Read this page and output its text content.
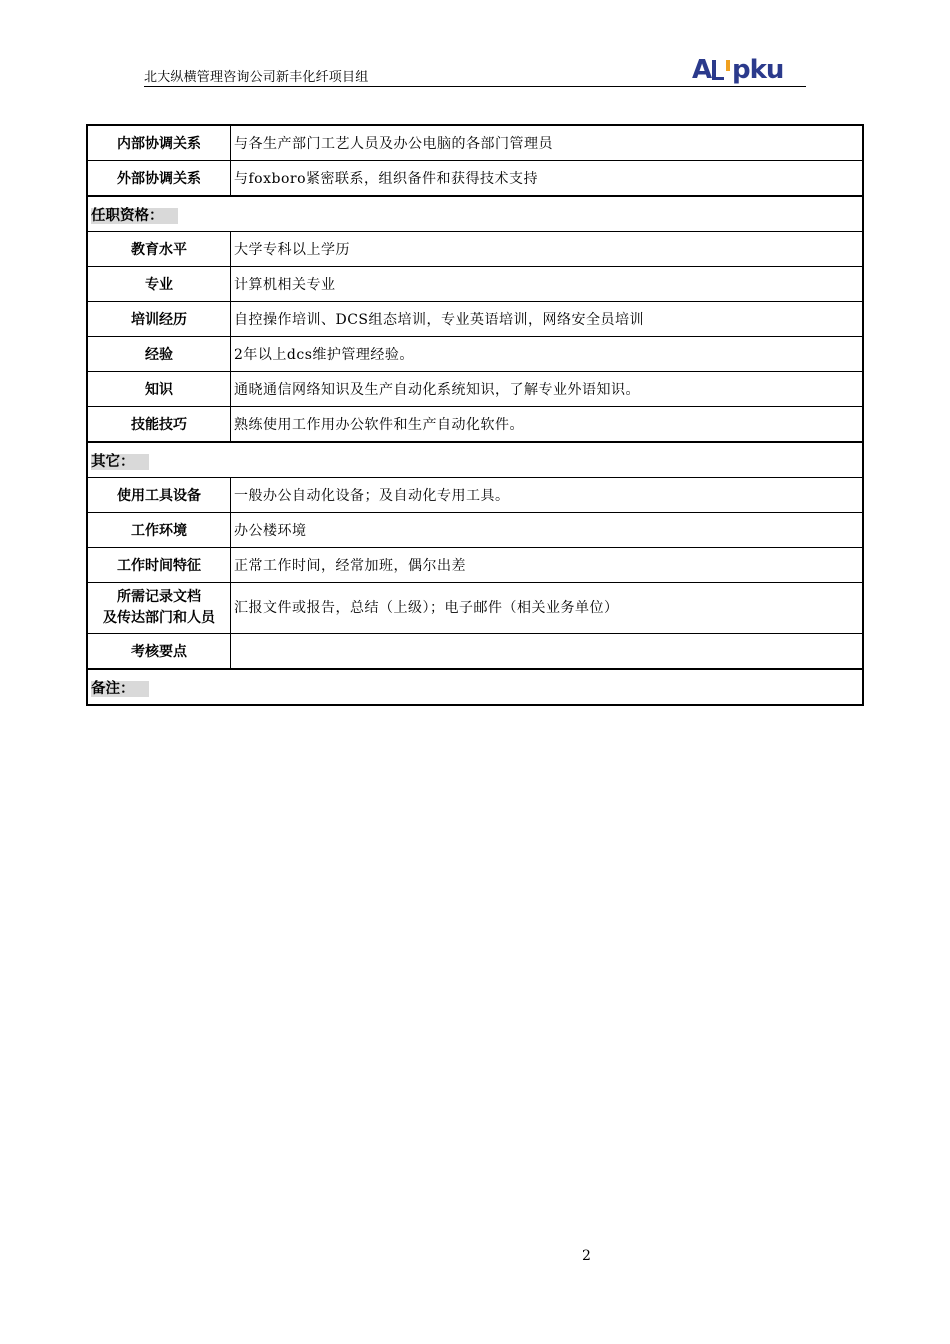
北大纵横管理咨询公司新丰化纤项目组	A pku
内部协调关系	与各生产部门工艺人员及办公电脑的各部门管理员
外部协调关系	与foxboro紧密联系，组织备件和获得技术支持
任职资格：	
教育水平	大学专科以上学历
专业	计算机相关专业
培训经历	自控操作培训、DCS组态培训，专业英语培训，网络安全员培训
经验	2年以上dcs维护管理经验。
知识	通晓通信网络知识及生产自动化系统知识，了解专业外语知识。
技能技巧	熟练使用工作用办公软件和生产自动化软件。
其它：	
使用工具设备	一般办公自动化设备；及自动化专用工具。
工作环境	办公楼环境
工作时间特征	正常工作时间，经常加班，偶尔出差

所需记录文档
及传达部门和人员	汇报文件或报告，总结（上级）；电子邮件（相关业务单位）
考核要点	
备注：	
2
